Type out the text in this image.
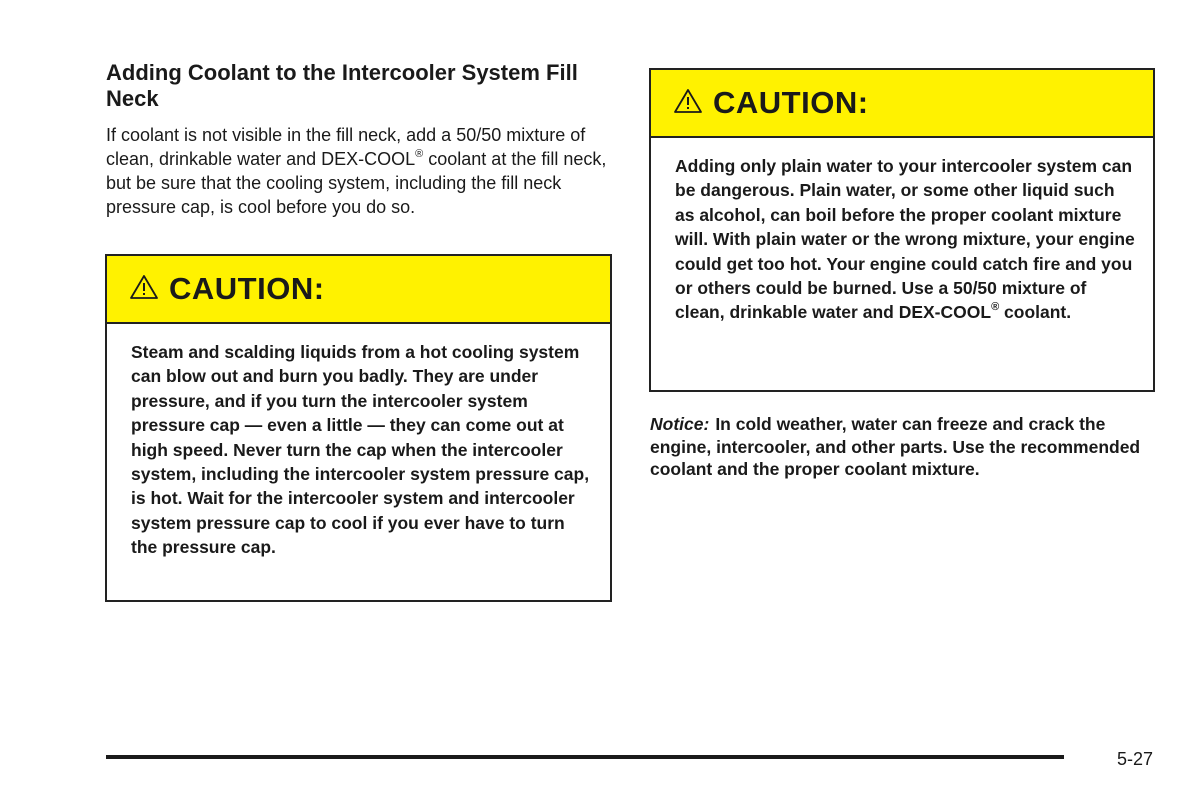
Adding Coolant to the Intercooler System Fill Neck

If coolant is not visible in the fill neck, add a 50/50 mixture of clean, drinkable water and DEX-COOL® coolant at the fill neck, but be sure that the cooling system, including the fill neck pressure cap, is cool before you do so.

CAUTION:

Steam and scalding liquids from a hot cooling system can blow out and burn you badly. They are under pressure, and if you turn the intercooler system pressure cap — even a little — they can come out at high speed. Never turn the cap when the intercooler system, including the intercooler system pressure cap, is hot. Wait for the intercooler system and intercooler system pressure cap to cool if you ever have to turn the pressure cap.

CAUTION:

Adding only plain water to your intercooler system can be dangerous. Plain water, or some other liquid such as alcohol, can boil before the proper coolant mixture will. With plain water or the wrong mixture, your engine could get too hot. Your engine could catch fire and you or others could be burned. Use a 50/50 mixture of clean, drinkable water and DEX-COOL® coolant.

Notice: In cold weather, water can freeze and crack the engine, intercooler, and other parts. Use the recommended coolant and the proper coolant mixture.

5-27
